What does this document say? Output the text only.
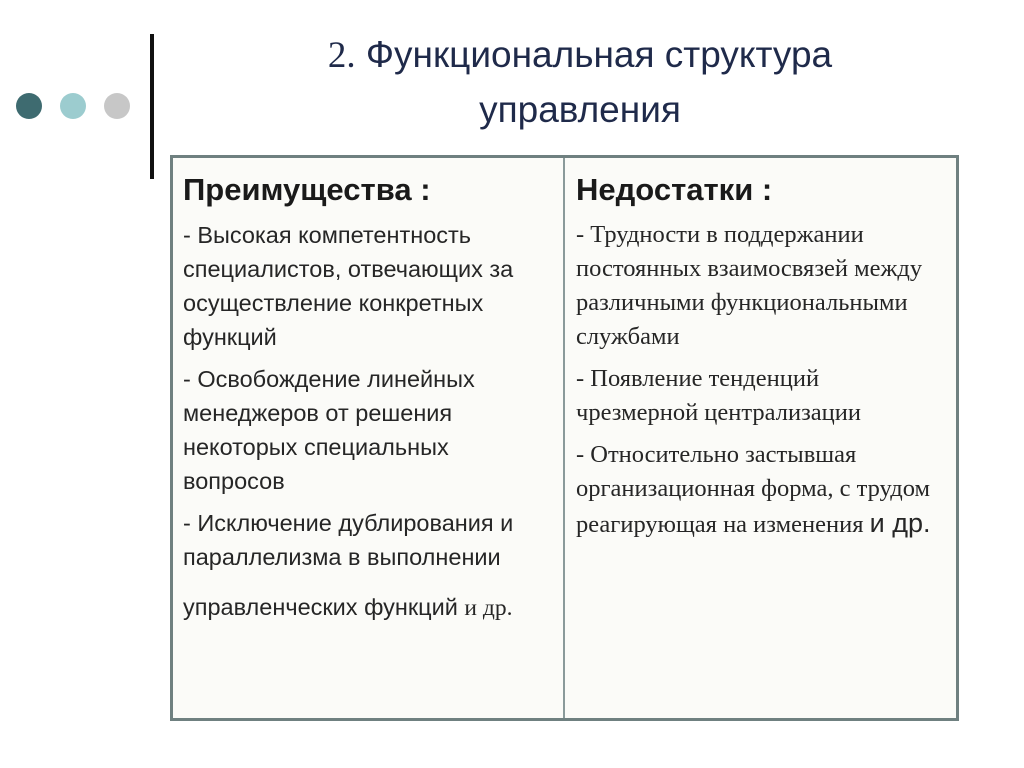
2. Функциональная структура
управления
Преимущества :
- Высокая компетентность специалистов, отвечающих за осуществление конкретных функций
- Освобождение линейных менеджеров от решения некоторых специальных вопросов
- Исключение дублирования и параллелизма в выполнении
управленческих функций и др.
Недостатки :
- Трудности в поддержании постоянных взаимосвязей между различными функциональными службами
- Появление тенденций чрезмерной централизации
- Относительно застывшая организационная форма, с трудом реагирующая на изменения и др.
